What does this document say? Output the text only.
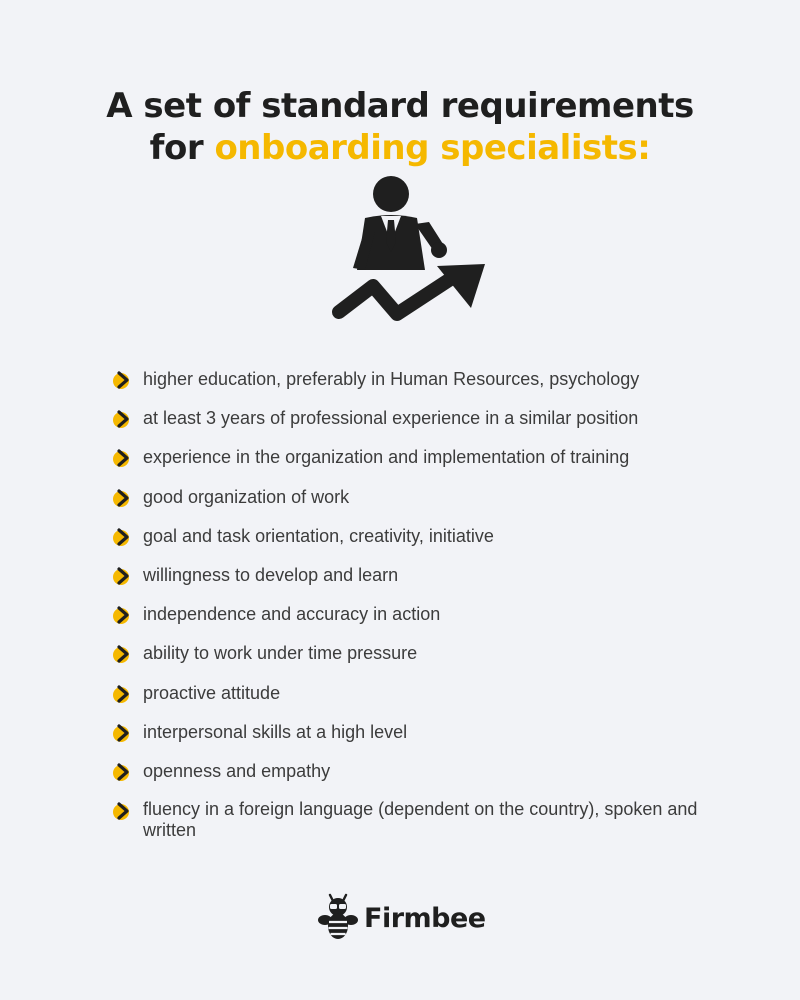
A set of standard requirements
for onboarding specialists:
higher education, preferably in Human Resources, psychology
at least 3 years of professional experience in a similar position
experience in the organization and implementation of training
good organization of work
goal and task orientation, creativity, initiative
willingness to develop and learn
independence and accuracy in action
ability to work under time pressure
proactive attitude
interpersonal skills at a high level
openness and empathy
fluency in a foreign language (dependent on the country), spoken and written
Firmbee
